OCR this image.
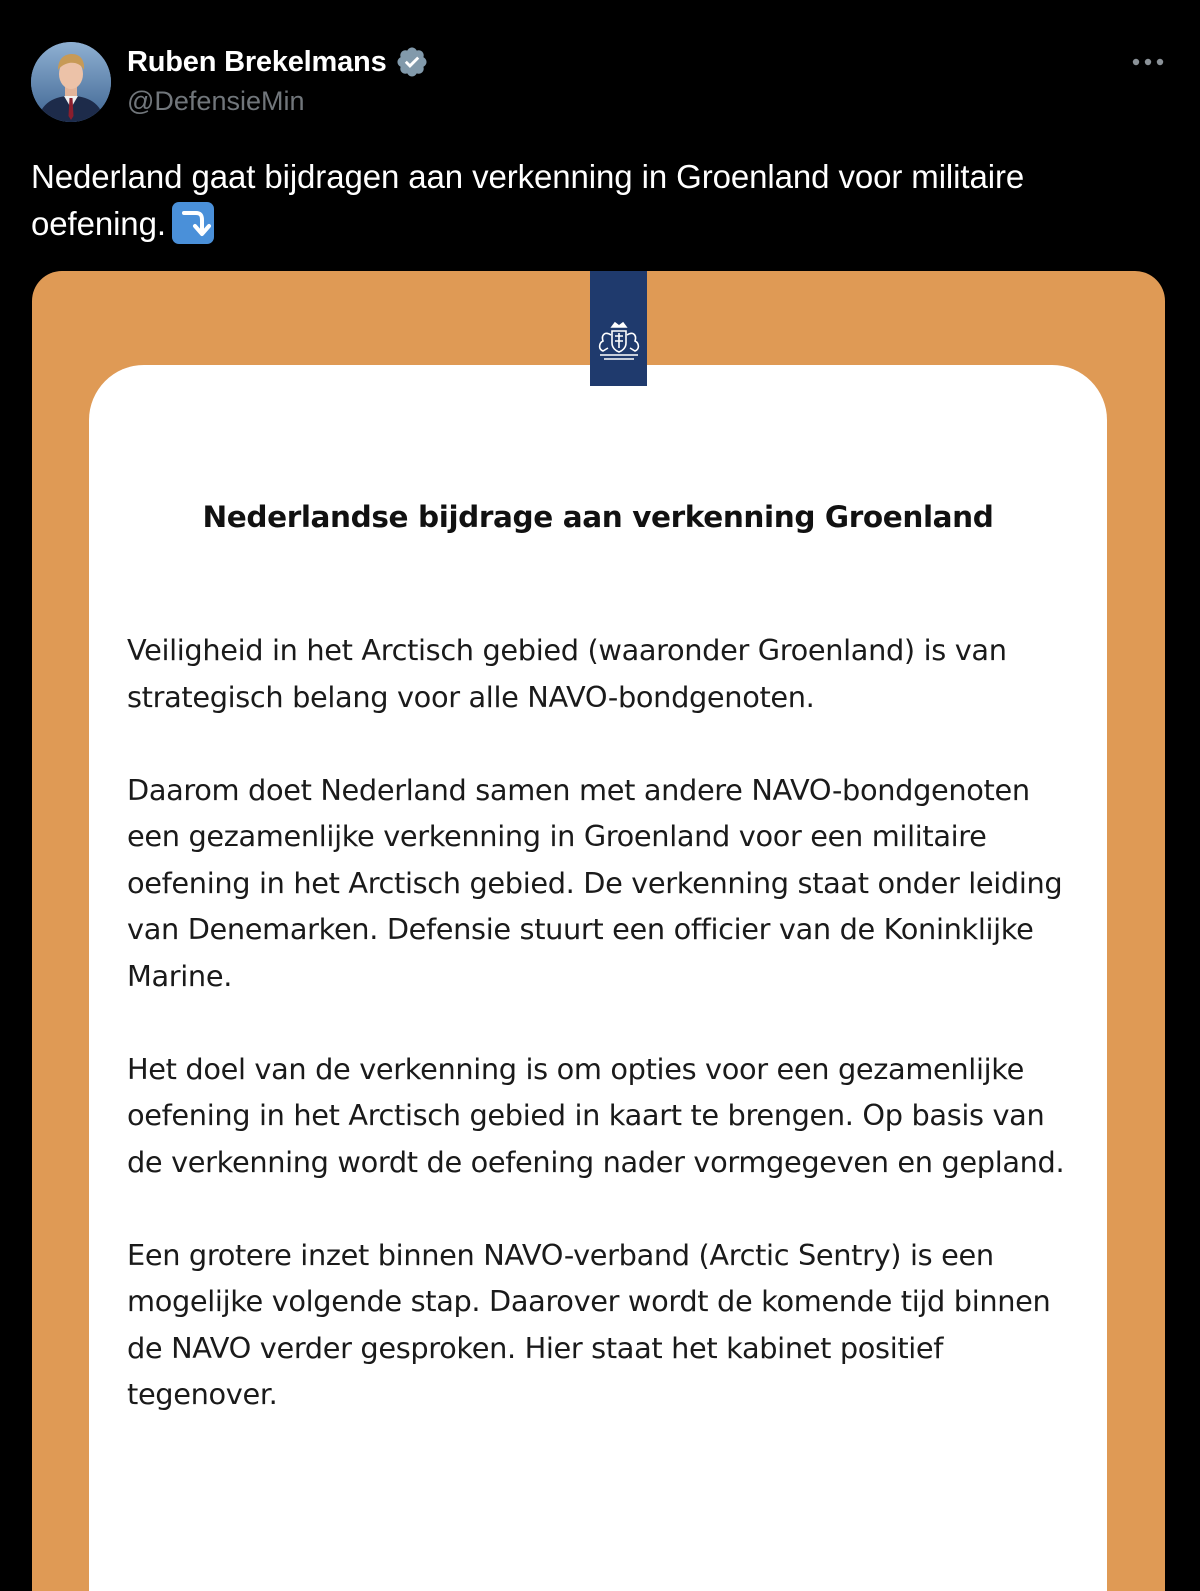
Ruben Brekelmans
@DefensieMin
Nederland gaat bijdragen aan verkenning in Groenland voor militaire oefening.
Nederlandse bijdrage aan verkenning Groenland

Veiligheid in het Arctisch gebied (waaronder Groenland) is van strategisch belang voor alle NAVO-bondgenoten.

Daarom doet Nederland samen met andere NAVO-bondgenoten een gezamenlijke verkenning in Groenland voor een militaire oefening in het Arctisch gebied. De verkenning staat onder leiding van Denemarken. Defensie stuurt een officier van de Koninklijke Marine.

Het doel van de verkenning is om opties voor een gezamenlijke oefening in het Arctisch gebied in kaart te brengen. Op basis van de verkenning wordt de oefening nader vormgegeven en gepland.

Een grotere inzet binnen NAVO-verband (Arctic Sentry) is een mogelijke volgende stap. Daarover wordt de komende tijd binnen de NAVO verder gesproken. Hier staat het kabinet positief tegenover.
